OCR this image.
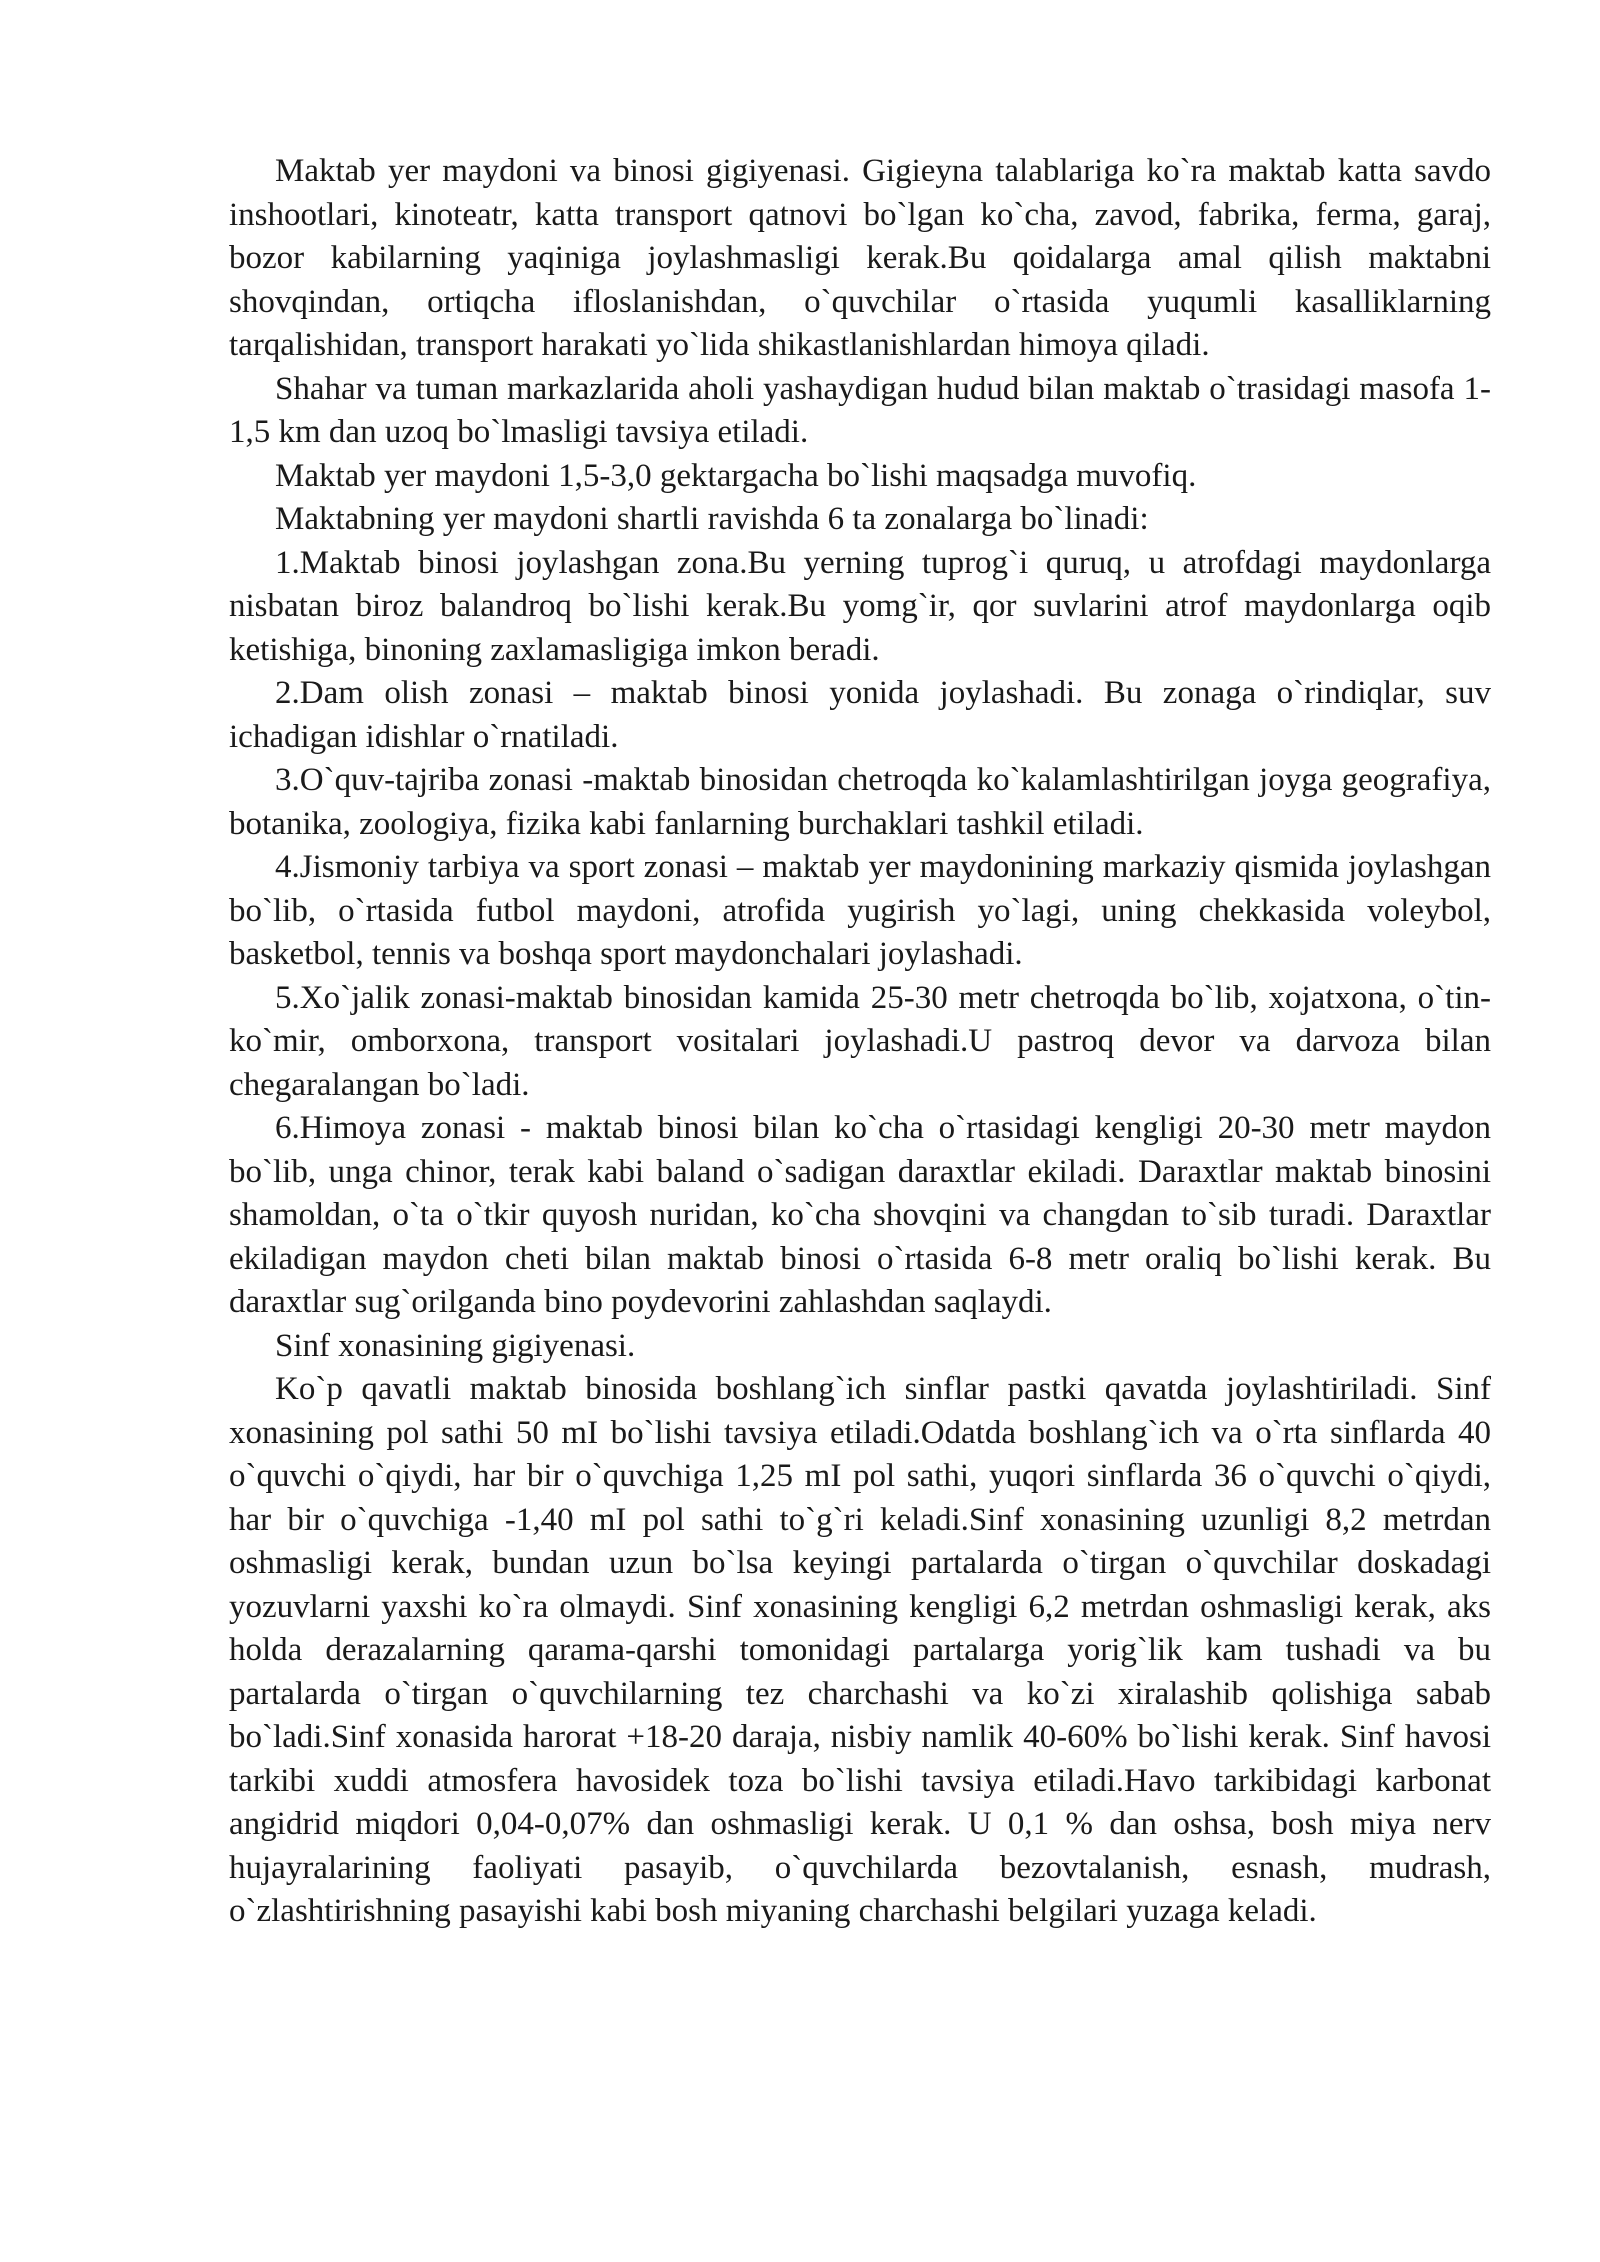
Maktab yer maydoni va binosi gigiyenasi. Gigieyna talablariga ko`ra maktab katta savdo inshootlari, kinoteatr, katta transport qatnovi bo`lgan ko`cha, zavod, fabrika, ferma, garaj, bozor kabilarning yaqiniga joylashmasligi kerak.Bu qoidalarga amal qilish maktabni shovqindan, ortiqcha ifloslanishdan, o`quvchilar o`rtasida yuqumli kasalliklarning tarqalishidan, transport harakati yo`lida shikastlanishlardan himoya qiladi.

Shahar va tuman markazlarida aholi yashaydigan hudud bilan maktab o`trasidagi masofa 1-1,5 km dan uzoq bo`lmasligi tavsiya etiladi.

Maktab yer maydoni 1,5-3,0 gektargacha bo`lishi maqsadga muvofiq.

Maktabning yer maydoni shartli ravishda 6 ta zonalarga bo`linadi:

1.Maktab binosi joylashgan zona.Bu yerning tuprog`i quruq, u atrofdagi maydonlarga nisbatan biroz balandroq bo`lishi kerak.Bu yomg`ir, qor suvlarini atrof maydonlarga oqib ketishiga, binoning zaxlamasligiga imkon beradi.

2.Dam olish zonasi – maktab binosi yonida joylashadi. Bu zonaga o`rindiqlar, suv ichadigan idishlar o`rnatiladi.

3.O`quv-tajriba zonasi -maktab binosidan chetroqda ko`kalamlashtirilgan joyga geografiya, botanika, zoologiya, fizika kabi fanlarning burchaklari tashkil etiladi.

4.Jismoniy tarbiya va sport zonasi – maktab yer maydonining markaziy qismida joylashgan bo`lib, o`rtasida futbol maydoni, atrofida yugirish yo`lagi, uning chekkasida voleybol, basketbol, tennis va boshqa sport maydonchalari joylashadi.

5.Xo`jalik zonasi-maktab binosidan kamida 25-30 metr chetroqda bo`lib, xojatxona, o`tin-ko`mir, omborxona, transport vositalari joylashadi.U pastroq devor va darvoza bilan chegaralangan bo`ladi.

6.Himoya zonasi - maktab binosi bilan ko`cha o`rtasidagi kengligi 20-30 metr maydon bo`lib, unga chinor, terak kabi baland o`sadigan daraxtlar ekiladi. Daraxtlar maktab binosini shamoldan, o`ta o`tkir quyosh nuridan, ko`cha shovqini va changdan to`sib turadi. Daraxtlar ekiladigan maydon cheti bilan maktab binosi o`rtasida 6-8 metr oraliq bo`lishi kerak. Bu daraxtlar sug`orilganda bino poydevorini zahlashdan saqlaydi.

Sinf xonasining gigiyenasi.

Ko`p qavatli maktab binosida boshlang`ich sinflar pastki qavatda joylashtiriladi. Sinf xonasining pol sathi 50 mI bo`lishi tavsiya etiladi.Odatda boshlang`ich va o`rta sinflarda 40 o`quvchi o`qiydi, har bir o`quvchiga 1,25 mI pol sathi, yuqori sinflarda 36 o`quvchi o`qiydi, har bir o`quvchiga -1,40 mI pol sathi to`g`ri keladi.Sinf xonasining uzunligi 8,2 metrdan oshmasligi kerak, bundan uzun bo`lsa keyingi partalarda o`tirgan o`quvchilar doskadagi yozuvlarni yaxshi ko`ra olmaydi. Sinf xonasining kengligi 6,2 metrdan oshmasligi kerak, aks holda derazalarning qarama-qarshi tomonidagi partalarga yorig`lik kam tushadi va bu partalarda o`tirgan o`quvchilarning tez charchashi va ko`zi xiralashib qolishiga sabab bo`ladi.Sinf xonasida harorat +18-20 daraja, nisbiy namlik 40-60% bo`lishi kerak. Sinf havosi tarkibi xuddi atmosfera havosidek toza bo`lishi tavsiya etiladi.Havo tarkibidagi karbonat angidrid miqdori 0,04-0,07% dan oshmasligi kerak. U 0,1 % dan oshsa, bosh miya nerv hujayralarining faoliyati pasayib, o`quvchilarda bezovtalanish, esnash, mudrash, o`zlashtirishning pasayishi kabi bosh miyaning charchashi belgilari yuzaga keladi.
